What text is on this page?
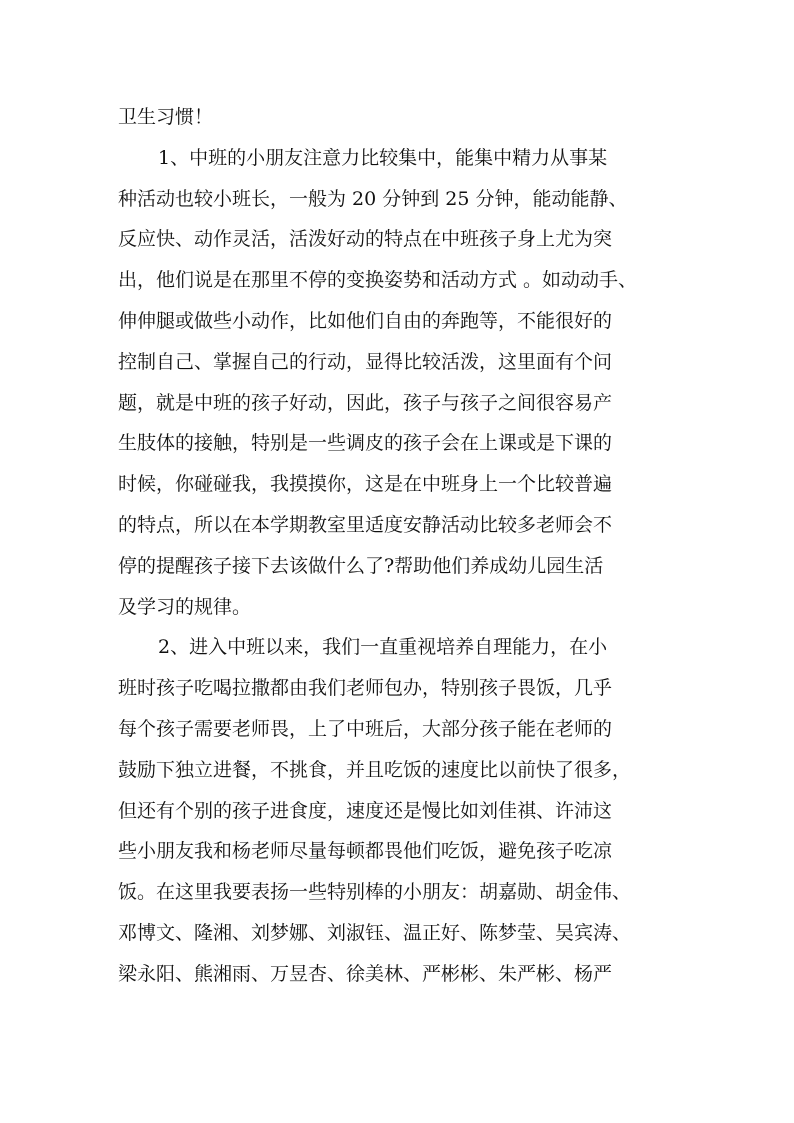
卫生习惯！
1、中班的小朋友注意力比较集中，能集中精力从事某
种活动也较小班长，一般为 20 分钟到 25 分钟，能动能静、
反应快、动作灵活，活泼好动的特点在中班孩子身上尤为突
出，他们说是在那里不停的变换姿势和活动方式 。如动动手、
伸伸腿或做些小动作，比如他们自由的奔跑等，不能很好的
控制自己、掌握自己的行动，显得比较活泼，这里面有个问
题，就是中班的孩子好动，因此，孩子与孩子之间很容易产
生肢体的接触，特别是一些调皮的孩子会在上课或是下课的
时候，你碰碰我，我摸摸你，这是在中班身上一个比较普遍
的特点，所以在本学期教室里适度安静活动比较多老师会不
停的提醒孩子接下去该做什么了?帮助他们养成幼儿园生活
及学习的规律。
2、进入中班以来，我们一直重视培养自理能力，在小
班时孩子吃喝拉撒都由我们老师包办，特别孩子畏饭，几乎
每个孩子需要老师畏，上了中班后，大部分孩子能在老师的
鼓励下独立进餐，不挑食，并且吃饭的速度比以前快了很多，
但还有个别的孩子进食度，速度还是慢比如刘佳祺、许沛这
些小朋友我和杨老师尽量每顿都畏他们吃饭，避免孩子吃凉
饭。在这里我要表扬一些特别棒的小朋友：胡嘉勋、胡金伟、
邓博文、隆湘、刘梦娜、刘淑钰、温正好、陈梦莹、吴宾涛、
梁永阳、熊湘雨、万昱杏、徐美林、严彬彬、朱严彬、杨严
